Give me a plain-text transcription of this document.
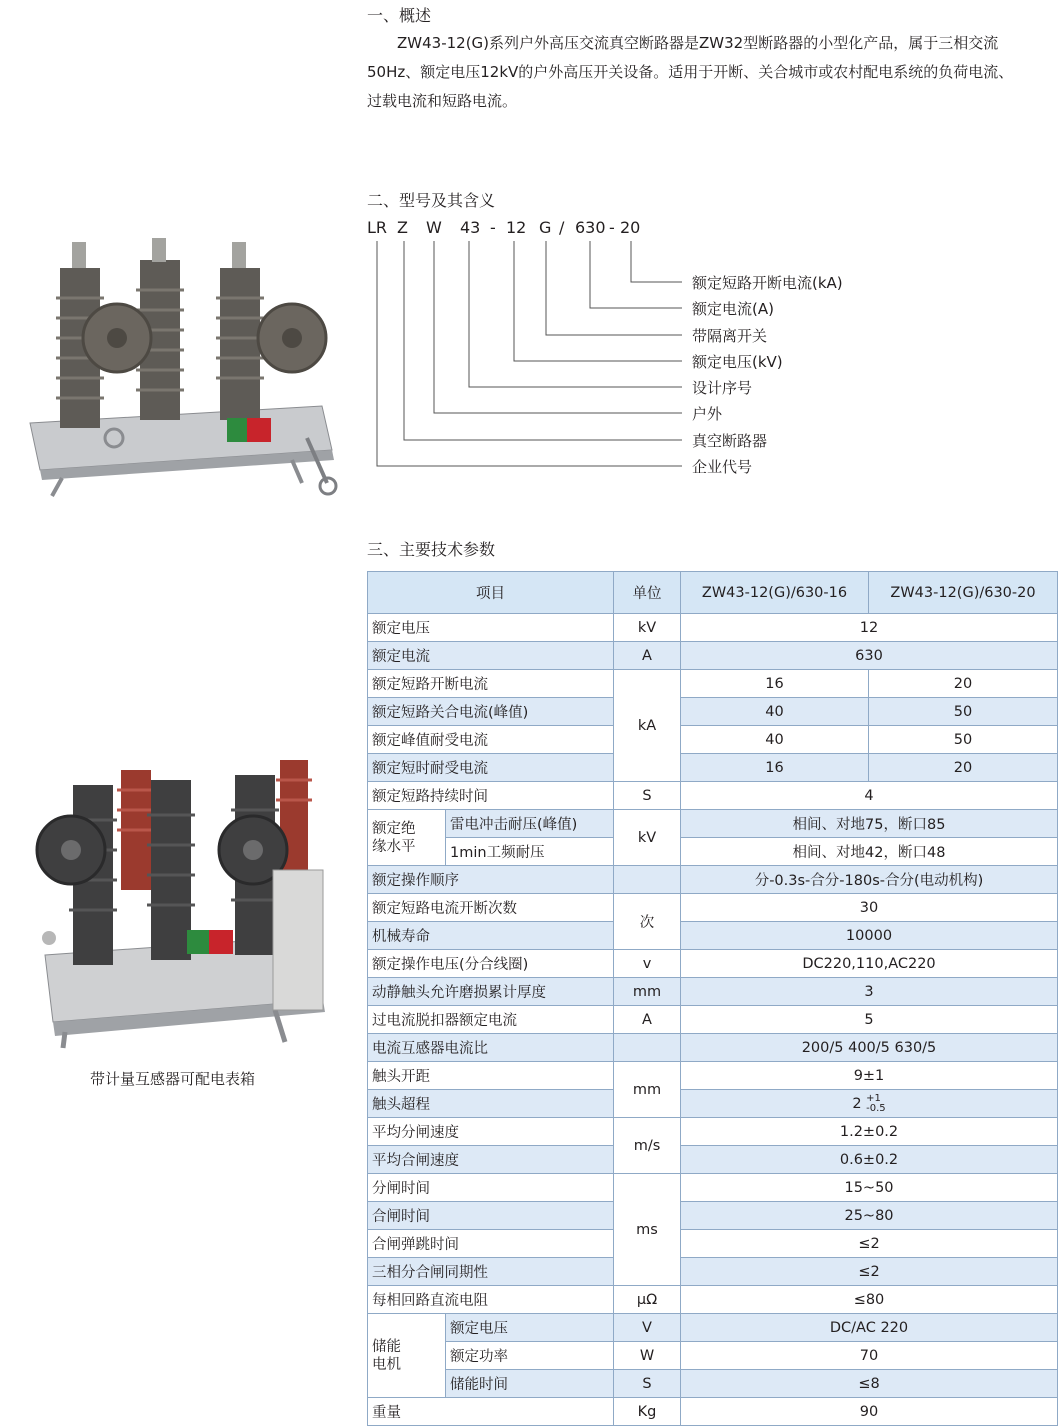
一、概述

ZW43-12(G)系列户外高压交流真空断路器是ZW32型断路器的小型化产品，属于三相交流

50Hz、额定电压12kV的户外高压开关设备。适用于开断、关合城市或农村配电系统的负荷电流、

过载电流和短路电流。

二、型号及其含义
LR Z W 43 - 12 G / 630 - 20
额定短路开断电流(kA)
额定电流(A)
带隔离开关
额定电压(kV)
设计序号
户外
真空断路器
企业代号
三、主要技术参数
项目		单位	ZW43-12(G)/630-16	ZW43-12(G)/630-20
额定电压		kV	12	
额定电流		A	630	
额定短路开断电流		kA	16	20
额定短路关合电流(峰值)			40	50
额定峰值耐受电流			40	50
额定短时耐受电流			16	20
额定短路持续时间		S	4	

额定绝缘水平	雷电冲击耐压(峰值)	kV	相间、对地75，断口85	
	1min工频耐压		相间、对地42，断口48	
额定操作顺序			分-0.3s-合分-180s-合分(电动机构)	
额定短路电流开断次数		次	30	
机械寿命			10000	
额定操作电压(分合线圈)		v	DC220,110,AC220	
动静触头允许磨损累计厚度		mm	3	
过电流脱扣器额定电流		A	5	
电流互感器电流比			200/5 400/5 630/5	
触头开距		mm	9±1	
触头超程			2 +1
-0.5	

平均分闸速度		m/s	1.2±0.2	
平均合闸速度			0.6±0.2	
分闸时间		ms	15~50	
合闸时间			25~80	
合闸弹跳时间			≤2	
三相分合闸同期性			≤2	
每相回路直流电阻		μΩ	≤80	

储能电机	额定电压	V	DC/AC 220	
	额定功率	W	70	
	储能时间	S	≤8	
重量		Kg	90	
带计量互感器可配电表箱
